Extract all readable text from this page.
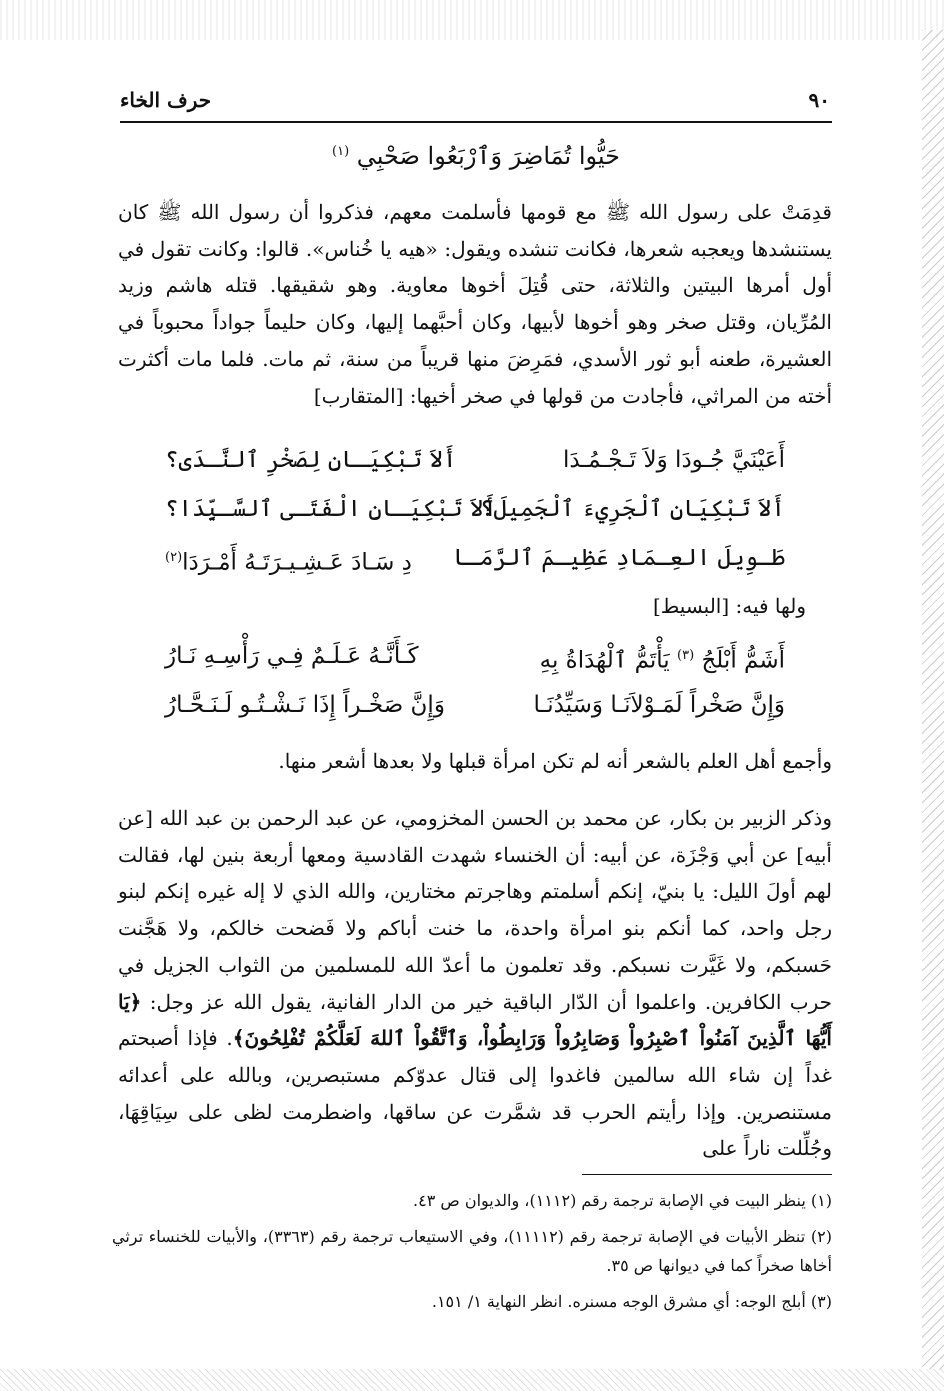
٩٠
حرف الخاء
حَيُّوا تُمَاضِرَ وَٱرْبَعُوا صَحْبِي $^{(١)}$

قدِمَتْ على رسول الله ﷺ مع قومها فأسلمت معهم، فذكروا أن رسول الله ﷺ كان يستنشدها ويعجبه شعرها، فكانت تنشده ويقول: «هيه يا خُناس». قالوا: وكانت تقول في أول أمرها البيتين والثلاثة، حتى قُتِلَ أخوها معاوية. وهو شقيقها. قتله هاشم وزيد المُرِّيان، وقتل صخر وهو أخوها لأبيها، وكان أحبَّهما إليها، وكان حليماً جواداً محبوباً في العشيرة، طعنه أبو ثور الأسدي، فمَرِضَ منها قريباً من سنة، ثم مات. فلما مات أكثرت أخته من المراثي، فأجادت من قولها في صخر أخيها: [المتقارب]

أَعَيْنَيَّ جُـودَا وَلاَ تَـجْـمُـدَا
أَلاَ تَبْكِيَـانِ لِصَخْرِ ٱلنَّـدَى؟
أَلاَ تَبْكِيَانِ ٱلْجَرِيءَ ٱلْجَمِيلَ؟
أَلاَ تَبْكِيَـانِ الْفَتَـى ٱلسَّـيِّدَا؟
طَـوِيلَ العِـمَادِ عَظِيـمَ ٱلرَّمَـا
دِ سَـادَ عَـشِـيـرَتَـهُ أَمْـرَدَا$^{(٢)}$
ولها فيه: [البسيط]
أَشَمُّ أَبْلَجُ $^{(٣)}$ يَأْتَمُّ ٱلْهُدَاةُ بِهِ
كَـأَنَّـهُ عَـلَـمٌ فِـي رَأْسِـهِ نَـارُ
وَإِنَّ صَخْراً لَمَـوْلاَنَـا وَسَيِّدُنَـا
وَإِنَّ صَخْـراً إِذَا نَـشْـتُـو لَـنَـحَّـارُ

وأجمع أهل العلم بالشعر أنه لم تكن امرأة قبلها ولا بعدها أشعر منها.

وذكر الزبير بن بكار، عن محمد بن الحسن المخزومي، عن عبد الرحمن بن عبد الله [عن أبيه] عن أبي وَجْزَة، عن أبيه: أن الخنساء شهدت القادسية ومعها أربعة بنين لها، فقالت لهم أولَ الليل: يا بنيّ، إنكم أسلمتم وهاجرتم مختارين، والله الذي لا إله غيره إنكم لبنو رجل واحد، كما أنكم بنو امرأة واحدة، ما خنت أباكم ولا فَضحت خالكم، ولا هَجَّنت حَسبكم، ولا غَيَّرت نسبكم. وقد تعلمون ما أعدّ الله للمسلمين من الثواب الجزيل في حرب الكافرين. واعلموا أن الدّار الباقية خير من الدار الفانية، يقول الله عز وجل: ﴿يَا أَيُّهَا ٱلَّذِينَ آمَنُواْ ٱصْبِرُواْ وَصَابِرُواْ وَرَابِطُواْ، وَٱتَّقُواْ ٱللهَ لَعَلَّكُمْ تُفْلِحُونَ﴾. فإذا أصبحتم غداً إن شاء الله سالمين فاغدوا إلى قتال عدوّكم مستبصرين، وبالله على أعدائه مستنصرين. وإذا رأيتم الحرب قد شمَّرت عن ساقها، واضطرمت لظى على سِيَاقِهَا، وجُلِّلت ناراً على

(١) ينظر البيت في الإصابة ترجمة رقم (١١١٢)، والديوان ص ٤٣.

(٢) تنظر الأبيات في الإصابة ترجمة رقم (١١١١٢)، وفي الاستيعاب ترجمة رقم (٣٣٦٣)، والأبيات للخنساء ترثي أخاها صخراً كما في ديوانها ص ٣٥.

(٣) أبلج الوجه: أي مشرق الوجه مسنره. انظر النهاية ١/ ١٥١.
